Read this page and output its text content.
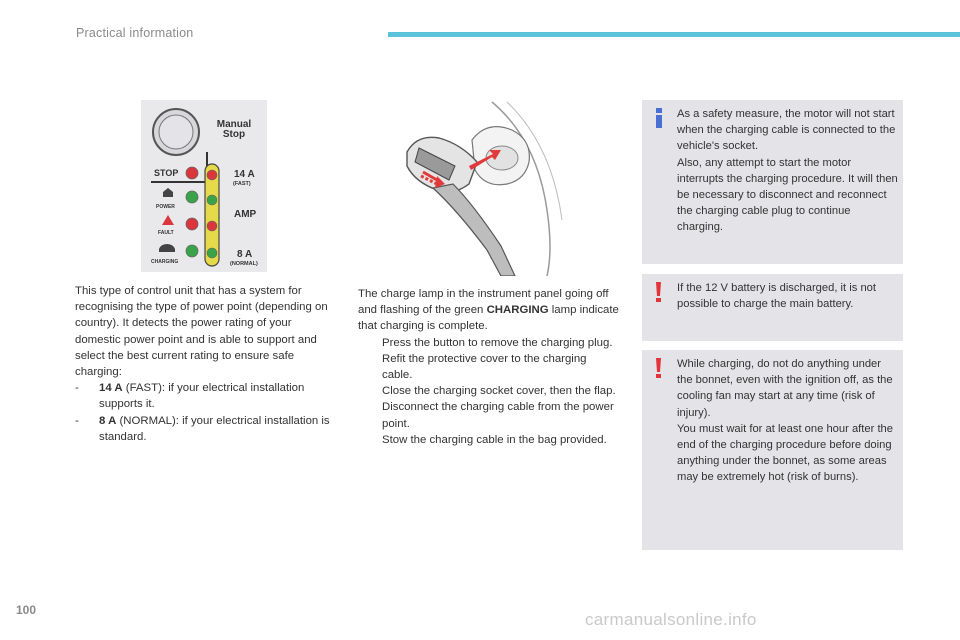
Practical information
Manual
Stop
STOP
POWER
FAULT
CHARGING
14 A
(FAST)
AMP
8 A
(NORMAL)

This type of control unit that has a system for recognising the type of power point (depending on country). It detects the power rating of your domestic power point and is able to support and select the best current rating to ensure safe charging:

-	14 A (FAST): if your electrical installation supports it.
-	8 A (NORMAL): if your electrical installation is standard.

The charge lamp in the instrument panel going off and flashing of the green CHARGING lamp indicate that charging is complete.

Press the button to remove the charging plug.
Refit the protective cover to the charging cable.
Close the charging socket cover, then the flap.
Disconnect the charging cable from the power point.
Stow the charging cable in the bag provided.

As a safety measure, the motor will not start when the charging cable is connected to the vehicle's socket.

Also, any attempt to start the motor interrupts the charging procedure. It will then be necessary to disconnect and reconnect the charging cable plug to continue charging.

If the 12 V battery is discharged, it is not possible to charge the main battery.

While charging, do not do anything under the bonnet, even with the ignition off, as the cooling fan may start at any time (risk of injury).

You must wait for at least one hour after the end of the charging procedure before doing anything under the bonnet, as some areas may be extremely hot (risk of burns).

100	carmanualsonline.info
